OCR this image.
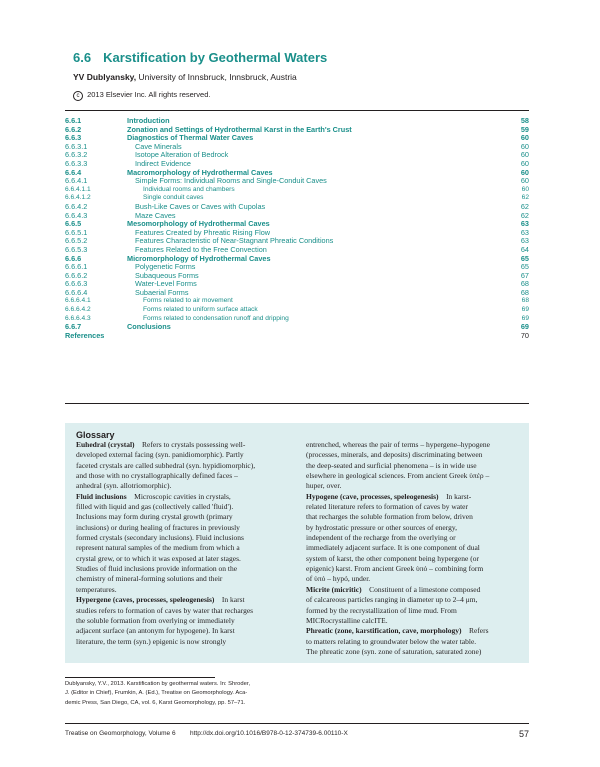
6.6 Karstification by Geothermal Waters
YV Dublyansky, University of Innsbruck, Innsbruck, Austria
c 2013 Elsevier Inc. All rights reserved.
6.6.1	Introduction	58
6.6.2	Zonation and Settings of Hydrothermal Karst in the Earth's Crust	59
6.6.3	Diagnostics of Thermal Water Caves	60
6.6.3.1	Cave Minerals	60
6.6.3.2	Isotope Alteration of Bedrock	60
6.6.3.3	Indirect Evidence	60
6.6.4	Macromorphology of Hydrothermal Caves	60
6.6.4.1	Simple Forms: Individual Rooms and Single-Conduit Caves	60
6.6.4.1.1	Individual rooms and chambers	60
6.6.4.1.2	Single conduit caves	62
6.6.4.2	Bush-Like Caves or Caves with Cupolas	62
6.6.4.3	Maze Caves	62
6.6.5	Mesomorphology of Hydrothermal Caves	63
6.6.5.1	Features Created by Phreatic Rising Flow	63
6.6.5.2	Features Characteristic of Near-Stagnant Phreatic Conditions	63
6.6.5.3	Features Related to the Free Convection	64
6.6.6	Micromorphology of Hydrothermal Caves	65
6.6.6.1	Polygenetic Forms	65
6.6.6.2	Subaqueous Forms	67
6.6.6.3	Water-Level Forms	68
6.6.6.4	Subaerial Forms	68
6.6.6.4.1	Forms related to air movement	68
6.6.6.4.2	Forms related to uniform surface attack	69
6.6.6.4.3	Forms related to condensation runoff and dripping	69
6.6.7	Conclusions	69
References	70
Glossary

Euhedral (crystal)    Refers to crystals possessing well-

developed external facing (syn. panidiomorphic). Partly

faceted crystals are called subhedral (syn. hypidiomorphic),

and those with no crystallographically defined faces –

anhedral (syn. allotriomorphic).

Fluid inclusions    Microscopic cavities in crystals,

filled with liquid and gas (collectively called 'fluid').

Inclusions may form during crystal growth (primary

inclusions) or during healing of fractures in previously

formed crystals (secondary inclusions). Fluid inclusions

represent natural samples of the medium from which a

crystal grew, or to which it was exposed at later stages.

Studies of fluid inclusions provide information on the

chemistry of mineral-forming solutions and their

temperatures.

Hypergene (caves, processes, speleogenesis)    In karst

studies refers to formation of caves by water that recharges

the soluble formation from overlying or immediately

adjacent surface (an antonym for hypogene). In karst

literature, the term (syn.) epigenic is now strongly

entrenched, whereas the pair of terms – hypergene–hypogene

(processes, minerals, and deposits) discriminating between

the deep-seated and surficial phenomena – is in wide use

elsewhere in geological sciences. From ancient Greek ὑπέρ –

huper, over.

Hypogene (cave, processes, speleogenesis)    In karst-

related literature refers to formation of caves by water

that recharges the soluble formation from below, driven

by hydrostatic pressure or other sources of energy,

independent of the recharge from the overlying or

immediately adjacent surface. It is one component of dual

system of karst, the other component being hypergene (or

epigenic) karst. From ancient Greek ὑπό – combining form

of ὑπό – hypó, under.

Micrite (micritic)    Constituent of a limestone composed

of calcareous particles ranging in diameter up to 2–4 μm,

formed by the recrystallization of lime mud. From

MICRocrystalline calcITE.

Phreatic (zone, karstification, cave, morphology)    Refers

to matters relating to groundwater below the water table.

The phreatic zone (syn. zone of saturation, saturated zone)

Dublyansky, Y.V., 2013. Karstification by geothermal waters. In: Shroder,

J. (Editor in Chief), Frumkin, A. (Ed.), Treatise on Geomorphology. Aca-

demic Press, San Diego, CA, vol. 6, Karst Geomorphology, pp. 57–71.

Treatise on Geomorphology, Volume 6 http://dx.doi.org/10.1016/B978-0-12-374739-6.00110-X	57
